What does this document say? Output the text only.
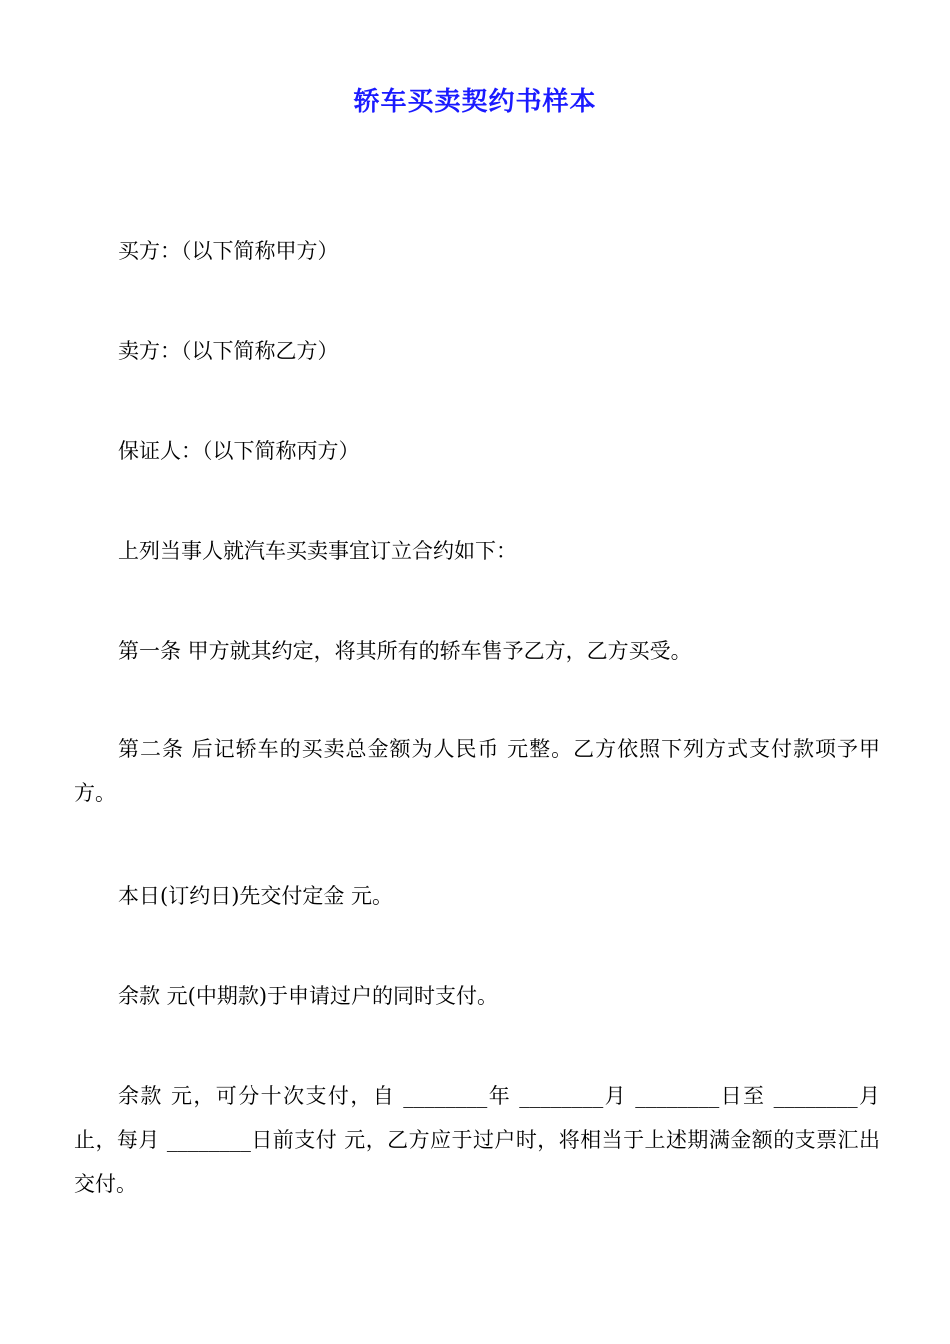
轿车买卖契约书样本
买方：（以下简称甲方）
卖方：（以下简称乙方）
保证人：（以下简称丙方）
上列当事人就汽车买卖事宜订立合约如下：
第一条 甲方就其约定，将其所有的轿车售予乙方，乙方买受。
第二条 后记轿车的买卖总金额为人民币 元整。乙方依照下列方式支付款项予甲方。
本日(订约日)先交付定金 元。
余款 元(中期款)于申请过户的同时支付。
余款 元，可分十次支付，自 ________年 ________月 ________日至 ________月止，每月 ________日前支付 元，乙方应于过户时，将相当于上述期满金额的支票汇出交付。
